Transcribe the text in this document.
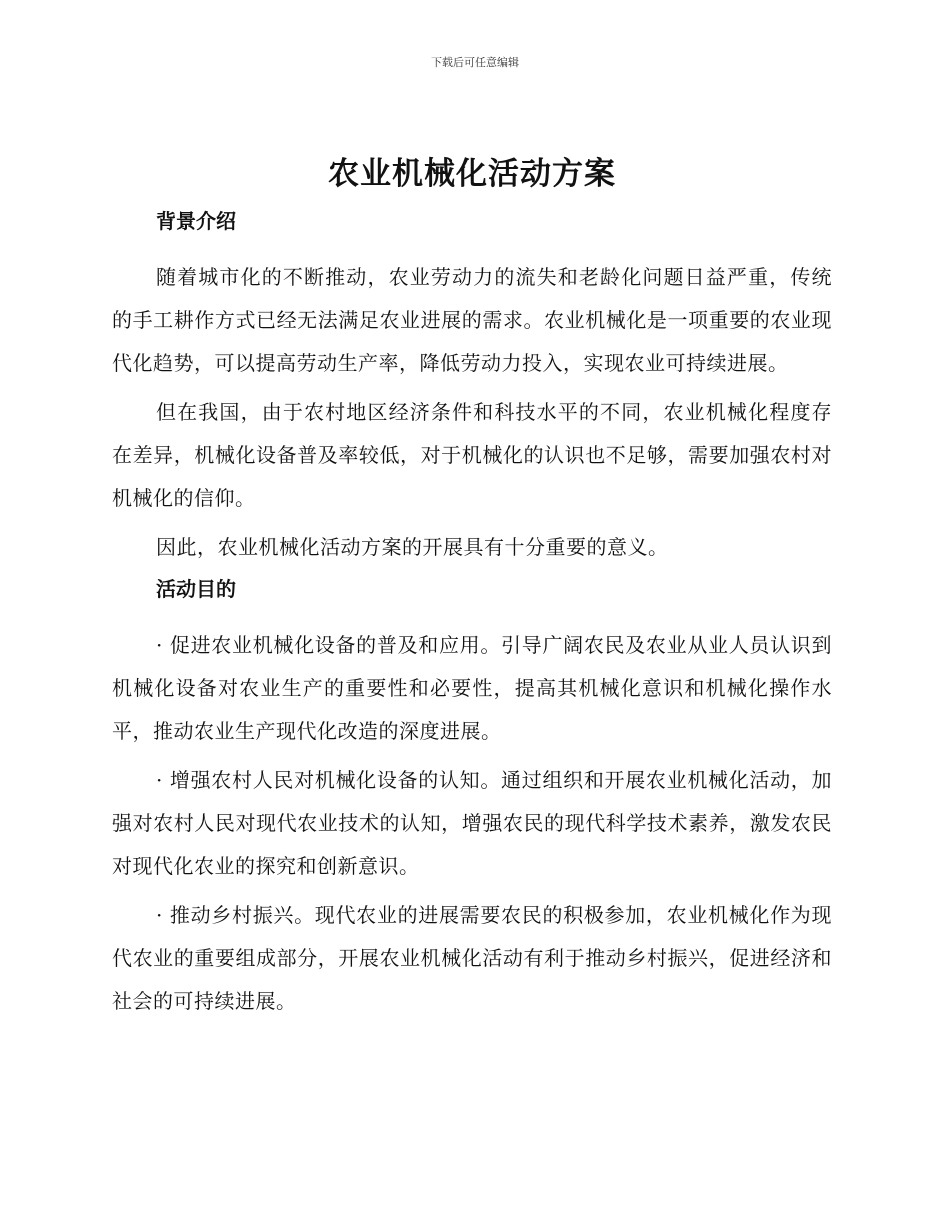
下载后可任意编辑
农业机械化活动方案
背景介绍

随着城市化的不断推动，农业劳动力的流失和老龄化问题日益严重，传统的手工耕作方式已经无法满足农业进展的需求。农业机械化是一项重要的农业现代化趋势，可以提高劳动生产率，降低劳动力投入，实现农业可持续进展。

但在我国，由于农村地区经济条件和科技水平的不同，农业机械化程度存在差异，机械化设备普及率较低，对于机械化的认识也不足够，需要加强农村对机械化的信仰。

因此，农业机械化活动方案的开展具有十分重要的意义。

活动目的

· 促进农业机械化设备的普及和应用。引导广阔农民及农业从业人员认识到机械化设备对农业生产的重要性和必要性，提高其机械化意识和机械化操作水平，推动农业生产现代化改造的深度进展。

· 增强农村人民对机械化设备的认知。通过组织和开展农业机械化活动，加强对农村人民对现代农业技术的认知，增强农民的现代科学技术素养，激发农民对现代化农业的探究和创新意识。

· 推动乡村振兴。现代农业的进展需要农民的积极参加，农业机械化作为现代农业的重要组成部分，开展农业机械化活动有利于推动乡村振兴，促进经济和社会的可持续进展。
